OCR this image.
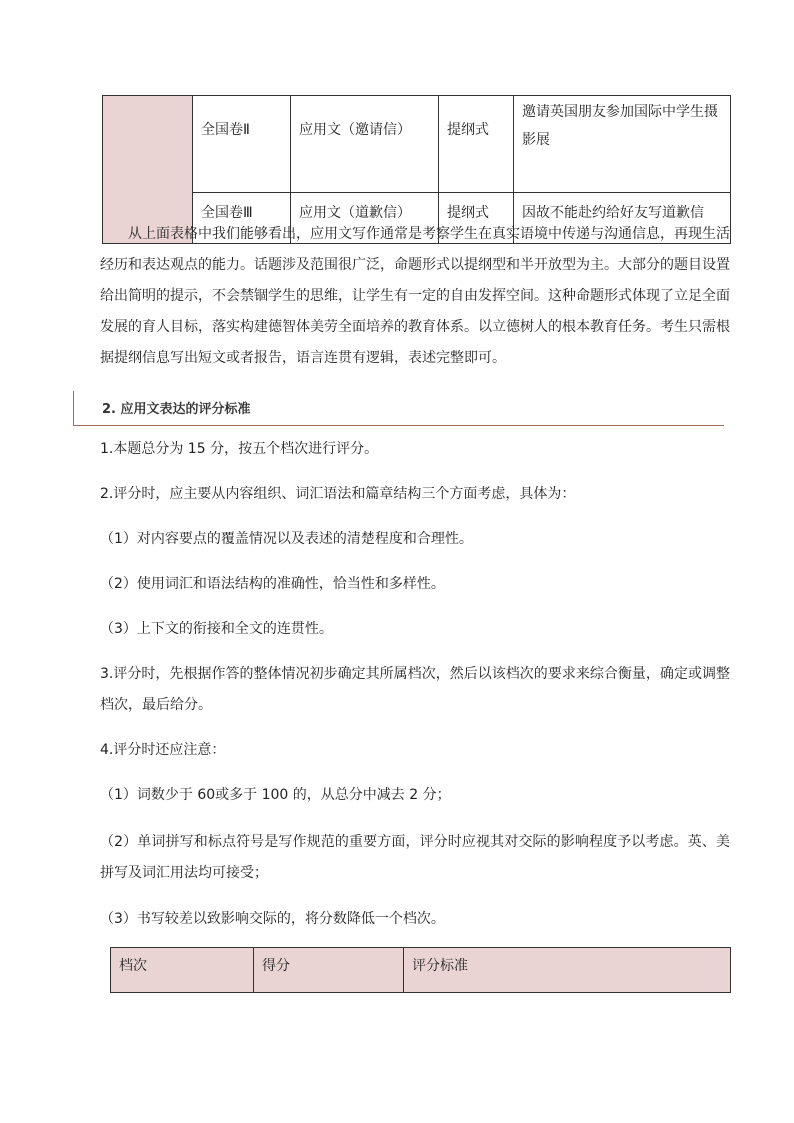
	全国卷Ⅱ	应用文（邀请信）	提纲式	邀请英国朋友参加国际中学生摄影展
	全国卷Ⅲ	应用文（道歉信）	提纲式	因故不能赴约给好友写道歉信

从上面表格中我们能够看出，应用文写作通常是考察学生在真实语境中传递与沟通信息，再现生活经历和表达观点的能力。话题涉及范围很广泛，命题形式以提纲型和半开放型为主。大部分的题目设置给出简明的提示，不会禁锢学生的思维，让学生有一定的自由发挥空间。这种命题形式体现了立足全面发展的育人目标，落实构建德智体美劳全面培养的教育体系。以立德树人的根本教育任务。考生只需根据提纲信息写出短文或者报告，语言连贯有逻辑，表述完整即可。

2. 应用文表达的评分标准

1.本题总分为 15 分，按五个档次进行评分。

2.评分时，应主要从内容组织、词汇语法和篇章结构三个方面考虑，具体为：

（1）对内容要点的覆盖情况以及表述的清楚程度和合理性。

（2）使用词汇和语法结构的准确性，恰当性和多样性。

（3）上下文的衔接和全文的连贯性。

3.评分时，先根据作答的整体情况初步确定其所属档次，然后以该档次的要求来综合衡量，确定或调整档次，最后给分。

4.评分时还应注意：

（1）词数少于 60或多于 100 的，从总分中减去 2 分；

（2）单词拼写和标点符号是写作规范的重要方面，评分时应视其对交际的影响程度予以考虑。英、美拼写及词汇用法均可接受；

（3）书写较差以致影响交际的，将分数降低一个档次。

档次	得分	评分标准
